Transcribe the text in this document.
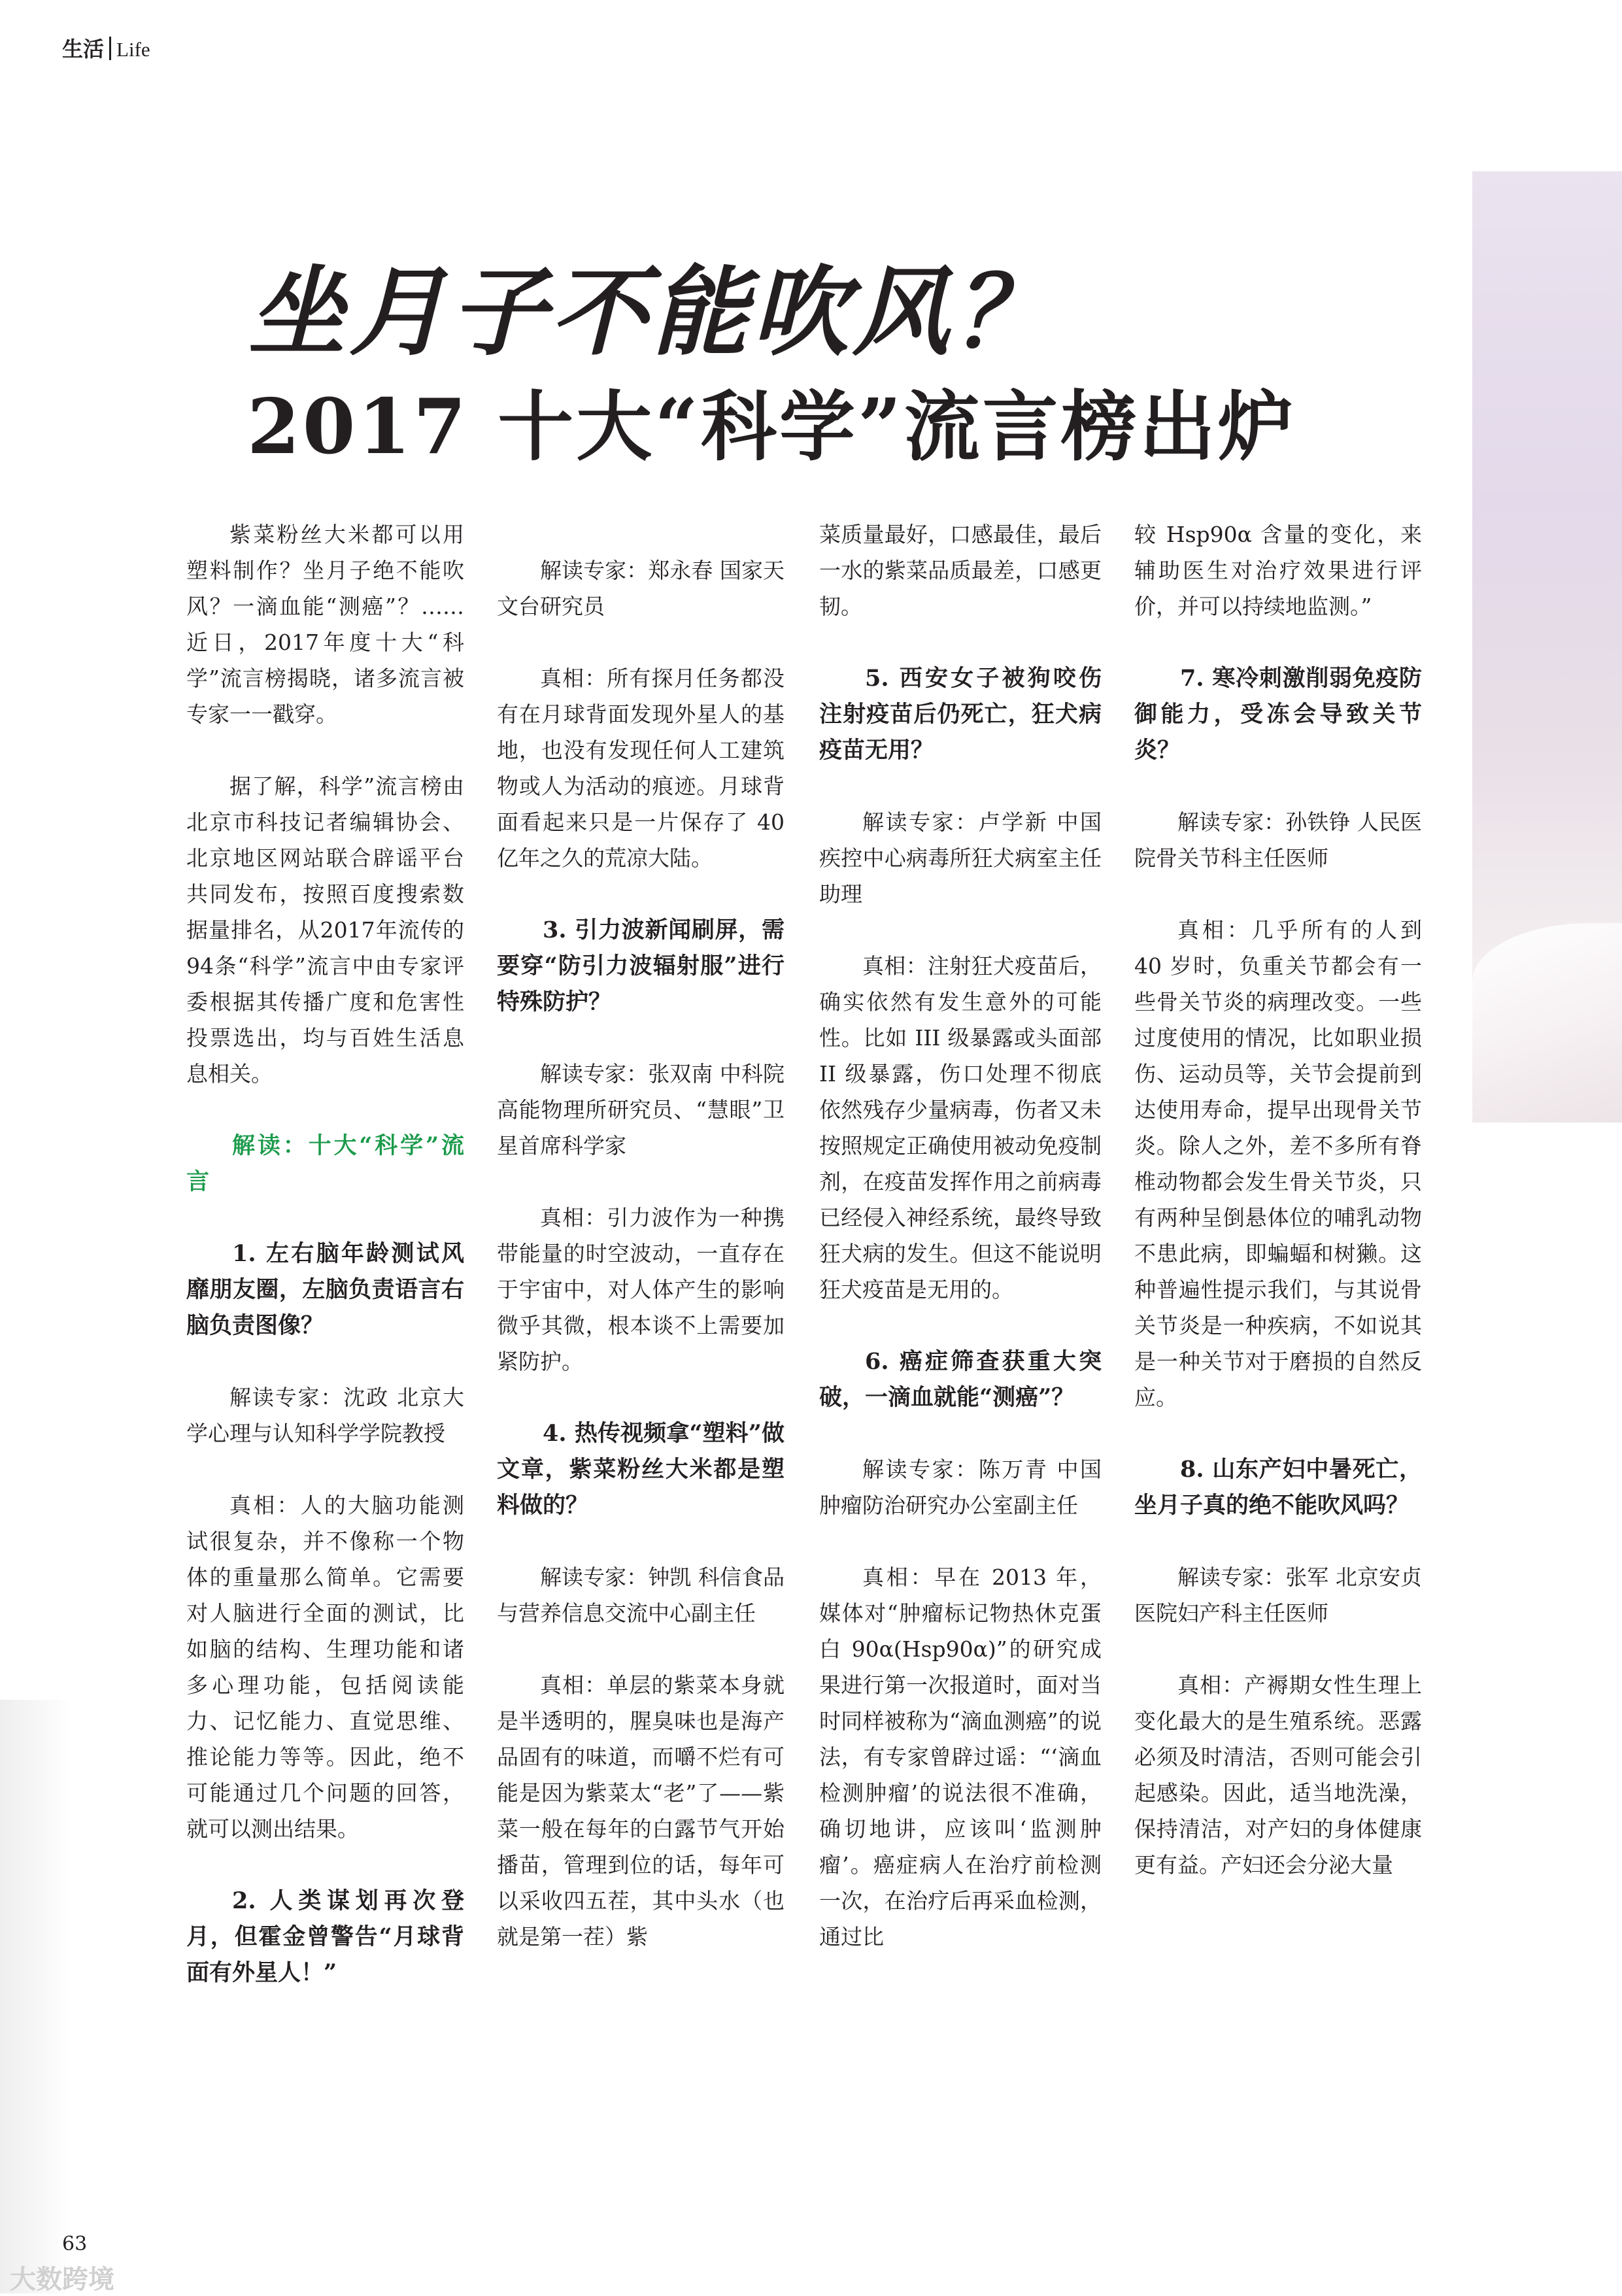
生活 Life
坐月子不能吹风？
2017 十大“科学”流言榜出炉

紫菜粉丝大米都可以用塑料制作？坐月子绝不能吹风？一滴血能“测癌”？……近日，2017年度十大“科学”流言榜揭晓，诸多流言被专家一一戳穿。

据了解，科学”流言榜由北京市科技记者编辑协会、北京地区网站联合辟谣平台共同发布，按照百度搜索数据量排名，从2017年流传的94条“科学”流言中由专家评委根据其传播广度和危害性投票选出，均与百姓生活息息相关。

解读：十大“科学”流言
1. 左右脑年龄测试风靡朋友圈，左脑负责语言右脑负责图像？

解读专家：沈政 北京大学心理与认知科学学院教授

真相：人的大脑功能测试很复杂，并不像称一个物体的重量那么简单。它需要对人脑进行全面的测试，比如脑的结构、生理功能和诸多心理功能，包括阅读能力、记忆能力、直觉思维、推论能力等等。因此，绝不可能通过几个问题的回答，就可以测出结果。

2. 人类谋划再次登月，但霍金曾警告“月球背面有外星人！”

解读专家：郑永春 国家天文台研究员

真相：所有探月任务都没有在月球背面发现外星人的基地，也没有发现任何人工建筑物或人为活动的痕迹。月球背面看起来只是一片保存了 40 亿年之久的荒凉大陆。

3. 引力波新闻刷屏，需要穿“防引力波辐射服”进行特殊防护？

解读专家：张双南 中科院高能物理所研究员、“慧眼”卫星首席科学家

真相：引力波作为一种携带能量的时空波动，一直存在于宇宙中，对人体产生的影响微乎其微，根本谈不上需要加紧防护。

4. 热传视频拿“塑料”做文章，紫菜粉丝大米都是塑料做的？

解读专家：钟凯 科信食品与营养信息交流中心副主任

真相：单层的紫菜本身就是半透明的，腥臭味也是海产品固有的味道，而嚼不烂有可能是因为紫菜太“老”了——紫菜一般在每年的白露节气开始播苗，管理到位的话，每年可以采收四五茬，其中头水（也就是第一茬）紫

菜质量最好，口感最佳，最后一水的紫菜品质最差，口感更韧。

5. 西安女子被狗咬伤注射疫苗后仍死亡，狂犬病疫苗无用？

解读专家：卢学新 中国疾控中心病毒所狂犬病室主任助理

真相：注射狂犬疫苗后，确实依然有发生意外的可能性。比如 III 级暴露或头面部 II 级暴露，伤口处理不彻底依然残存少量病毒，伤者又未按照规定正确使用被动免疫制剂，在疫苗发挥作用之前病毒已经侵入神经系统，最终导致狂犬病的发生。但这不能说明狂犬疫苗是无用的。

6. 癌症筛查获重大突破，一滴血就能“测癌”？

解读专家：陈万青 中国肿瘤防治研究办公室副主任

真相：早在 2013 年，媒体对“肿瘤标记物热休克蛋白 90α(Hsp90α)”的研究成果进行第一次报道时，面对当时同样被称为“滴血测癌”的说法，有专家曾辟过谣：“‘滴血检测肿瘤’的说法很不准确，确切地讲，应该叫‘监测肿瘤’。癌症病人在治疗前检测一次，在治疗后再采血检测，通过比

较 Hsp90α 含量的变化，来辅助医生对治疗效果进行评价，并可以持续地监测。”

7. 寒冷刺激削弱免疫防御能力，受冻会导致关节炎？

解读专家：孙铁铮 人民医院骨关节科主任医师

真相：几乎所有的人到 40 岁时，负重关节都会有一些骨关节炎的病理改变。一些过度使用的情况，比如职业损伤、运动员等，关节会提前到达使用寿命，提早出现骨关节炎。除人之外，差不多所有脊椎动物都会发生骨关节炎，只有两种呈倒悬体位的哺乳动物不患此病，即蝙蝠和树獭。这种普遍性提示我们，与其说骨关节炎是一种疾病，不如说其是一种关节对于磨损的自然反应。

8. 山东产妇中暑死亡，坐月子真的绝不能吹风吗？

解读专家：张军 北京安贞医院妇产科主任医师

真相：产褥期女性生理上变化最大的是生殖系统。恶露必须及时清洁，否则可能会引起感染。因此，适当地洗澡，保持清洁，对产妇的身体健康更有益。产妇还会分泌大量

63
大数跨境
